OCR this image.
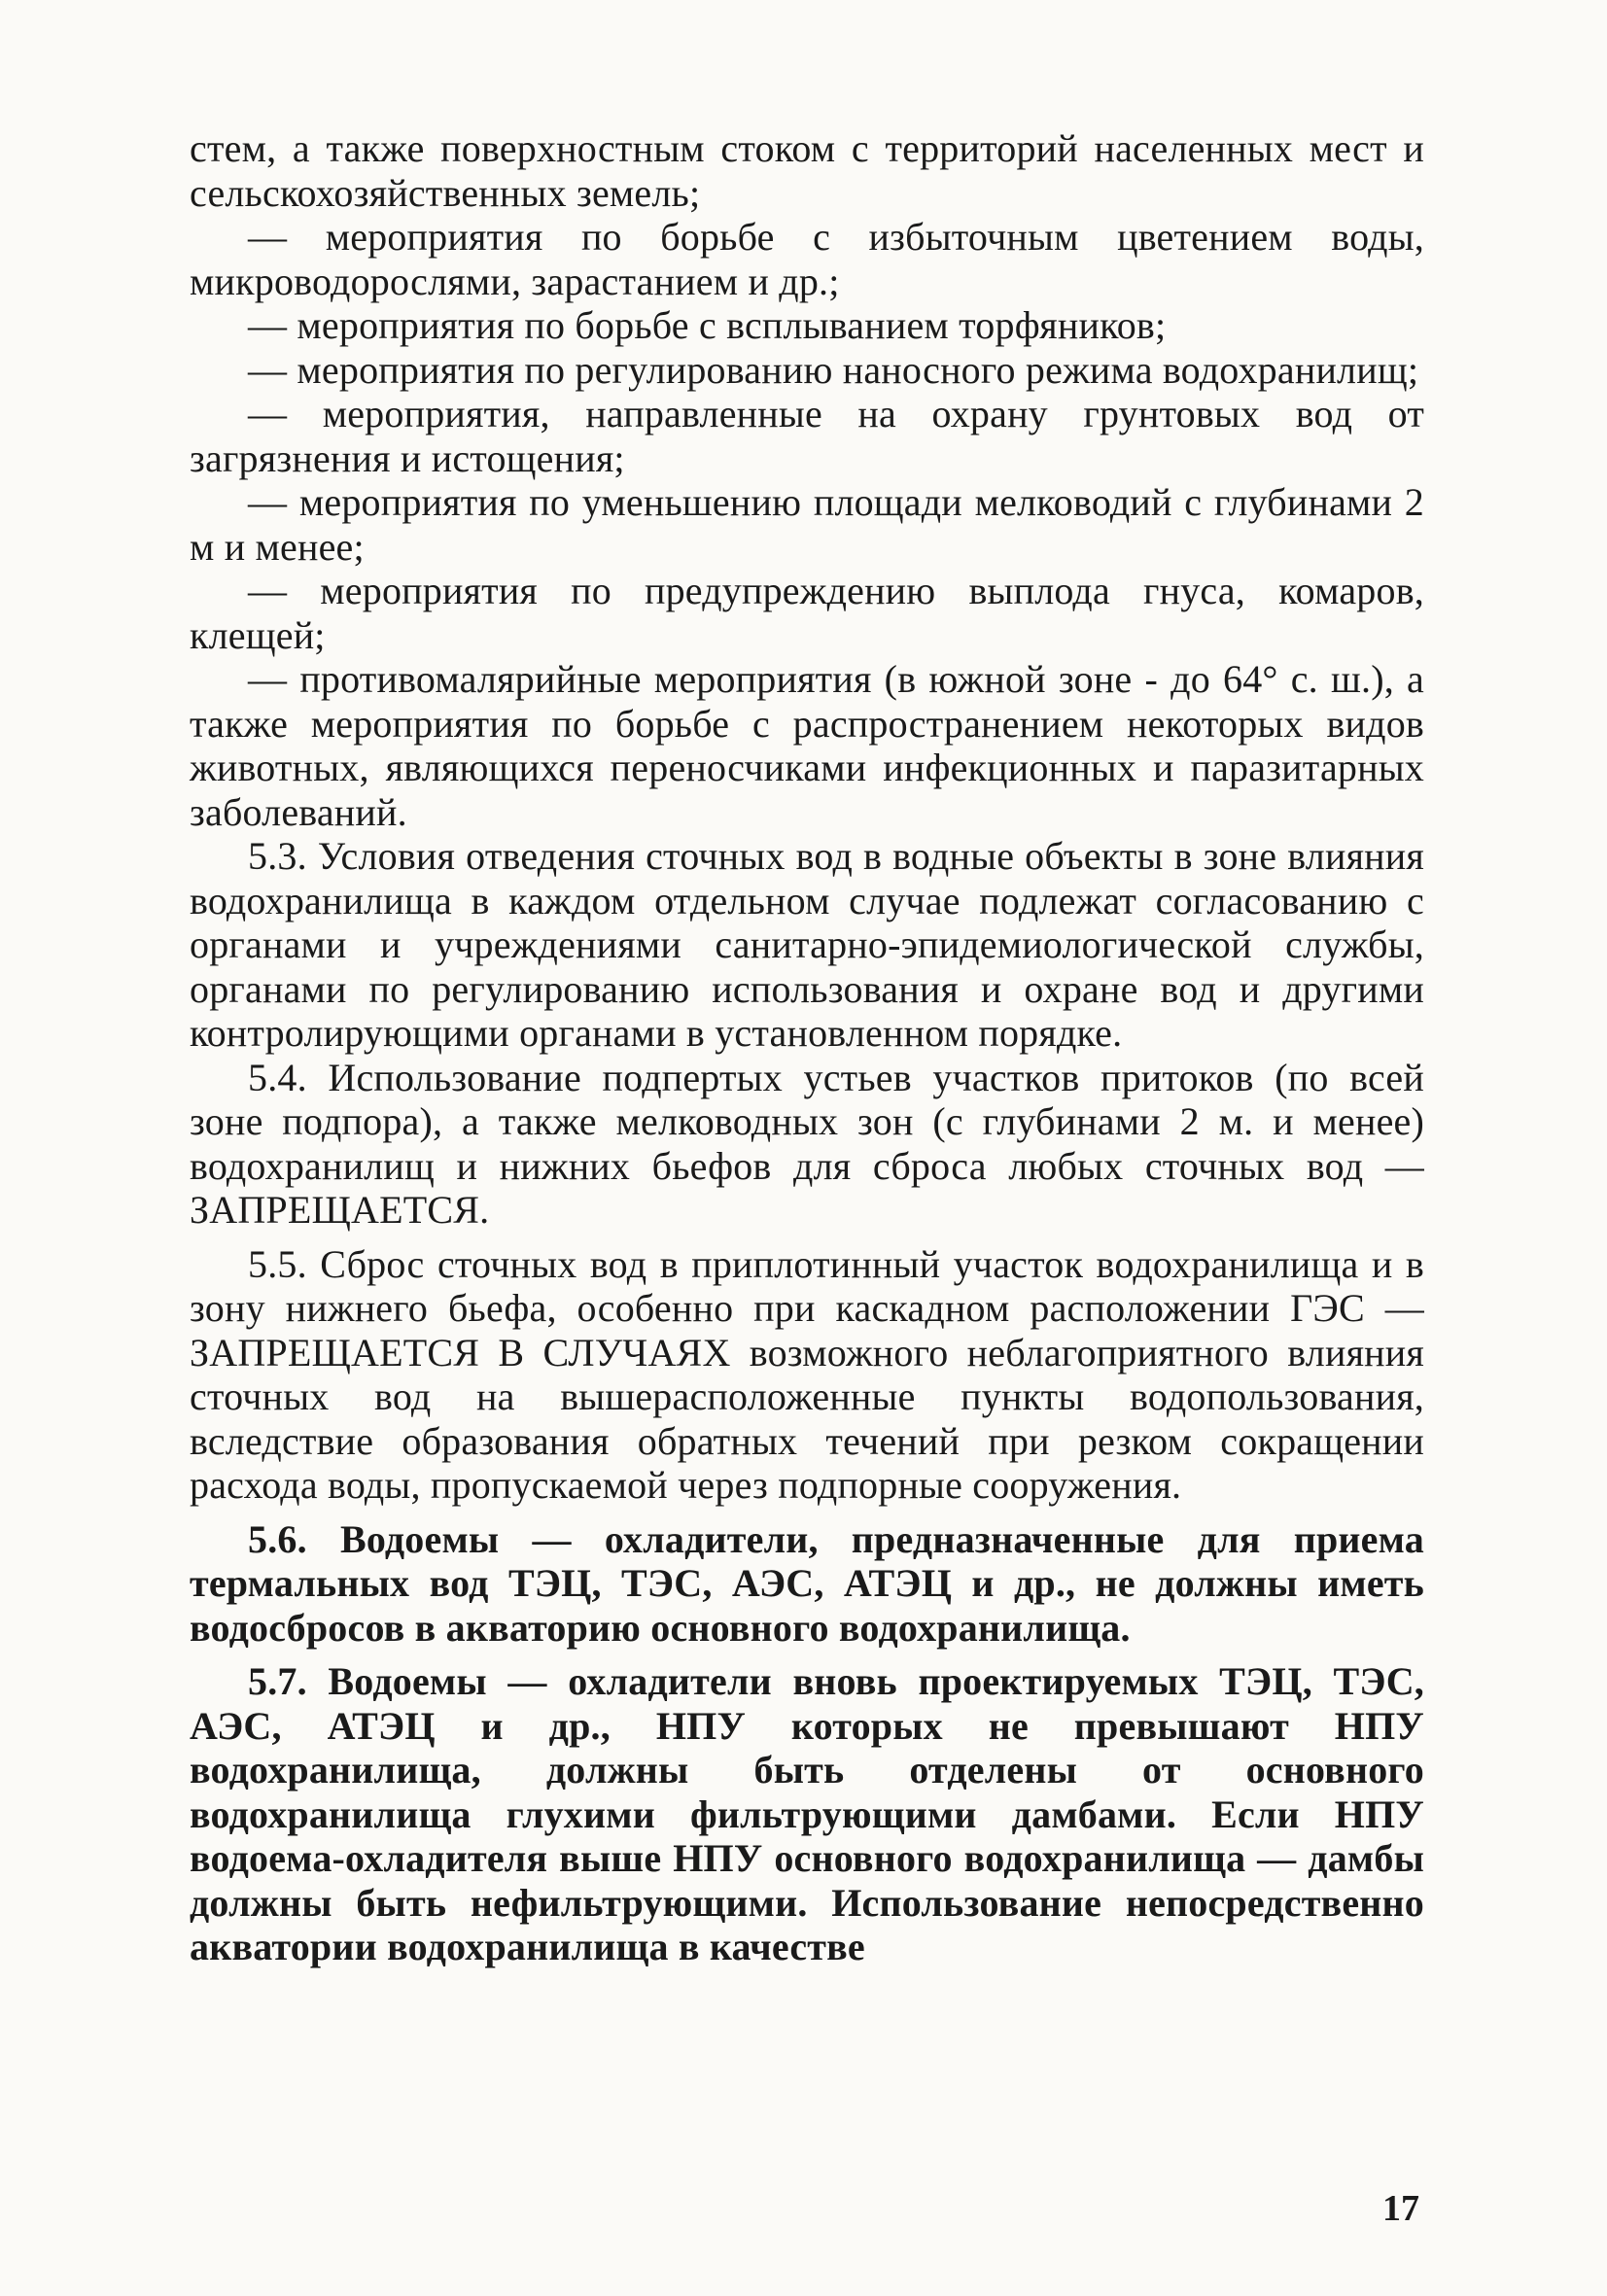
стем, а также поверхностным стоком с территорий населенных мест и сельскохозяйственных земель;

— мероприятия по борьбе с избыточным цветением воды, микроводорослями, зарастанием и др.;

— мероприятия по борьбе с всплыванием торфяников;

— мероприятия по регулированию наносного режима водохранилищ;

— мероприятия, направленные на охрану грунтовых вод от загрязнения и истощения;

— мероприятия по уменьшению площади мелководий с глубинами 2 м и менее;

— мероприятия по предупреждению выплода гнуса, комаров, клещей;

— противомалярийные мероприятия (в южной зоне - до 64° с. ш.), а также мероприятия по борьбе с распространением некоторых видов животных, являющихся переносчиками инфекционных и паразитарных заболеваний.

5.3. Условия отведения сточных вод в водные объекты в зоне влияния водохранилища в каждом отдельном случае подлежат согласованию с органами и учреждениями санитарно-эпидемиологической службы, органами по регулированию использования и охране вод и другими контролирующими органами в установленном порядке.

5.4. Использование подпертых устьев участков притоков (по всей зоне подпора), а также мелководных зон (с глубинами 2 м. и менее) водохранилищ и нижних бьефов для сброса любых сточных вод — ЗАПРЕЩАЕТСЯ.

5.5. Сброс сточных вод в приплотинный участок водохранилища и в зону нижнего бьефа, особенно при каскадном расположении ГЭС — ЗАПРЕЩАЕТСЯ В СЛУЧАЯХ возможного неблагоприятного влияния сточных вод на вышерасположенные пункты водопользования, вследствие образования обратных течений при резком сокращении расхода воды, пропускаемой через подпорные сооружения.

5.6. Водоемы — охладители, предназначенные для приема термальных вод ТЭЦ, ТЭС, АЭС, АТЭЦ и др., не должны иметь водосбросов в акваторию основного водохранилища.

5.7. Водоемы — охладители вновь проектируемых ТЭЦ, ТЭС, АЭС, АТЭЦ и др., НПУ которых не превышают НПУ водохранилища, должны быть отделены от основного водохранилища глухими фильтрующими дамбами. Если НПУ водоема-охладителя выше НПУ основного водохранилища — дамбы должны быть нефильтрующими. Использование непосредственно акватории водохранилища в качестве

17
